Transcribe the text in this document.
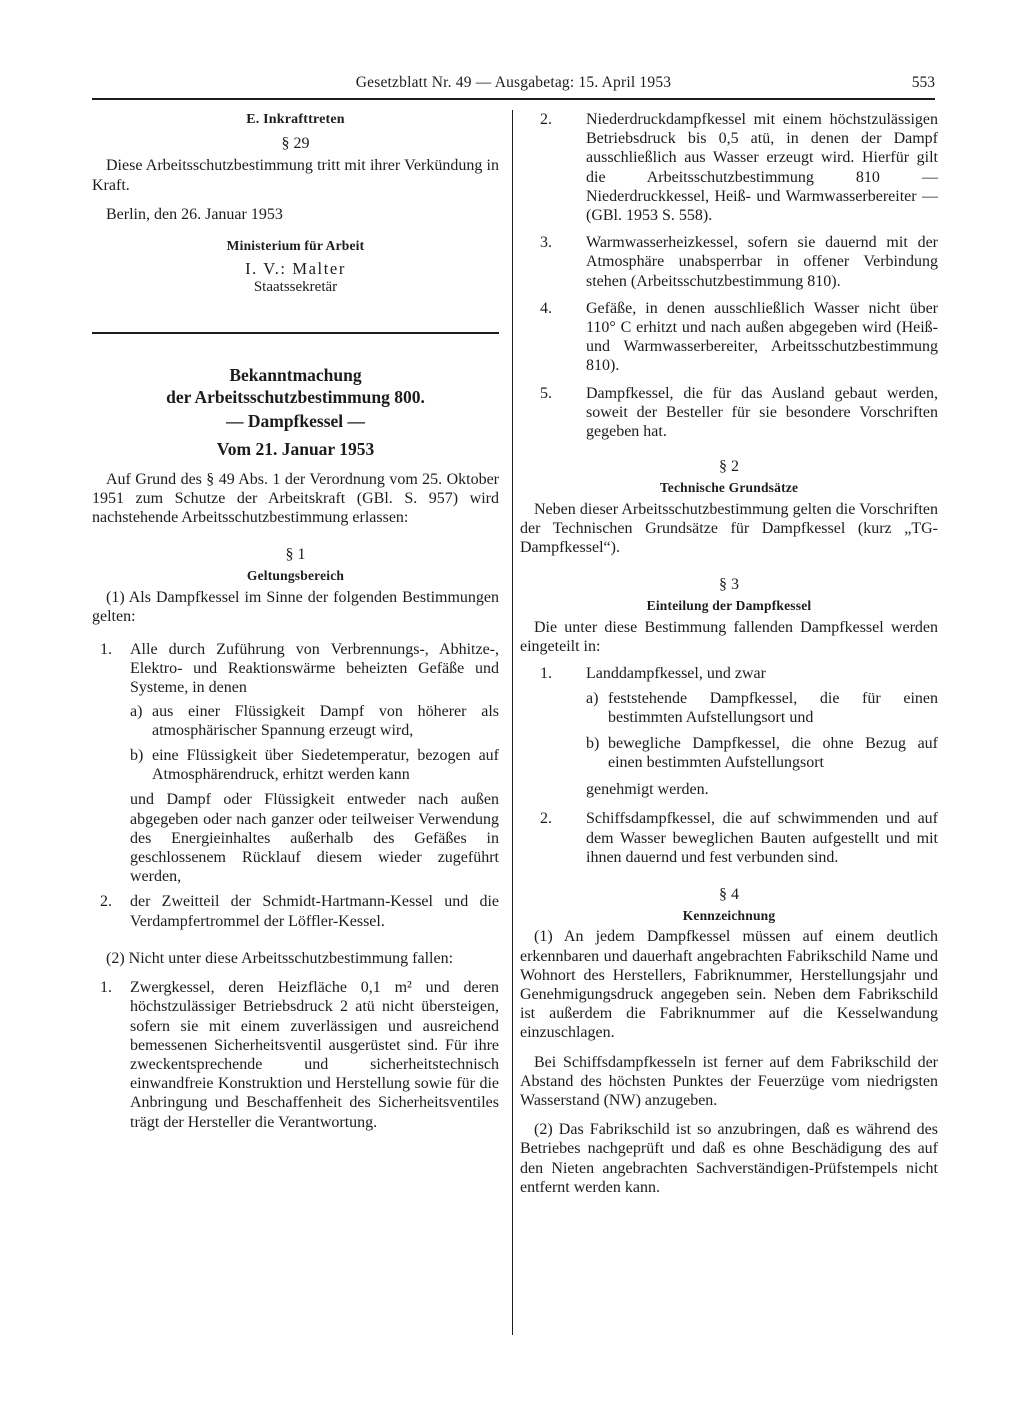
Gesetzblatt Nr. 49 — Ausgabetag: 15. April 1953	553

E. Inkrafttreten

§ 29

Diese Arbeitsschutzbestimmung tritt mit ihrer Verkündung in Kraft.

Berlin, den 26. Januar 1953

Ministerium für Arbeit

I. V.: Malter

Staatssekretär

Bekanntmachung

der Arbeitsschutzbestimmung 800.

— Dampfkessel —

Vom 21. Januar 1953

Auf Grund des § 49 Abs. 1 der Verordnung vom 25. Oktober 1951 zum Schutze der Arbeitskraft (GBl. S. 957) wird nachstehende Arbeitsschutzbestimmung erlassen:

§ 1

Geltungsbereich

(1) Als Dampfkessel im Sinne der folgenden Bestimmungen gelten:

1.	Alle durch Zuführung von Verbrennungs-, Abhitze-, Elektro- und Reaktionswärme beheizten Gefäße und Systeme, in denen

a) aus einer Flüssigkeit Dampf von höherer als atmosphärischer Spannung erzeugt wird,

b) eine Flüssigkeit über Siedetemperatur, bezogen auf Atmosphärendruck, erhitzt werden kann

und Dampf oder Flüssigkeit entweder nach außen abgegeben oder nach ganzer oder teilweiser Verwendung des Energieinhaltes außerhalb des Gefäßes in geschlossenem Rücklauf diesem wieder zugeführt werden,

2.	der Zweitteil der Schmidt-Hartmann-Kessel und die Verdampfertrommel der Löffler-Kessel.

(2) Nicht unter diese Arbeitsschutzbestimmung fallen:

1.	Zwergkessel, deren Heizfläche 0,1 m² und deren höchstzulässiger Betriebsdruck 2 atü nicht übersteigen, sofern sie mit einem zuverlässigen und ausreichend bemessenen Sicherheitsventil ausgerüstet sind. Für ihre zweckentsprechende und sicherheitstechnisch einwandfreie Konstruktion und Herstellung sowie für die Anbringung und Beschaffenheit des Sicherheitsventiles trägt der Hersteller die Verantwortung.

2.	Niederdruckdampfkessel mit einem höchstzulässigen Betriebsdruck bis 0,5 atü, in denen der Dampf ausschließlich aus Wasser erzeugt wird. Hierfür gilt die Arbeitsschutzbestimmung 810 — Niederdruckkessel, Heiß- und Warmwasserbereiter — (GBl. 1953 S. 558).

3.	Warmwasserheizkessel, sofern sie dauernd mit der Atmosphäre unabsperrbar in offener Verbindung stehen (Arbeitsschutzbestimmung 810).

4.	Gefäße, in denen ausschließlich Wasser nicht über 110° C erhitzt und nach außen abgegeben wird (Heiß- und Warmwasserbereiter, Arbeitsschutzbestimmung 810).

5.	Dampfkessel, die für das Ausland gebaut werden, soweit der Besteller für sie besondere Vorschriften gegeben hat.

§ 2

Technische Grundsätze

Neben dieser Arbeitsschutzbestimmung gelten die Vorschriften der Technischen Grundsätze für Dampfkessel (kurz „TG-Dampfkessel“).

§ 3

Einteilung der Dampfkessel

Die unter diese Bestimmung fallenden Dampfkessel werden eingeteilt in:

1.	Landdampfkessel, und zwar

a) feststehende Dampfkessel, die für einen bestimmten Aufstellungsort und

b) bewegliche Dampfkessel, die ohne Bezug auf einen bestimmten Aufstellungsort

genehmigt werden.

2.	Schiffsdampfkessel, die auf schwimmenden und auf dem Wasser beweglichen Bauten aufgestellt und mit ihnen dauernd und fest verbunden sind.

§ 4

Kennzeichnung

(1) An jedem Dampfkessel müssen auf einem deutlich erkennbaren und dauerhaft angebrachten Fabrikschild Name und Wohnort des Herstellers, Fabriknummer, Herstellungsjahr und Genehmigungsdruck angegeben sein. Neben dem Fabrikschild ist außerdem die Fabriknummer auf die Kesselwandung einzuschlagen.

Bei Schiffsdampfkesseln ist ferner auf dem Fabrikschild der Abstand des höchsten Punktes der Feuerzüge vom niedrigsten Wasserstand (NW) anzugeben.

(2) Das Fabrikschild ist so anzubringen, daß es während des Betriebes nachgeprüft und daß es ohne Beschädigung des auf den Nieten angebrachten Sachverständigen-Prüfstempels nicht entfernt werden kann.
